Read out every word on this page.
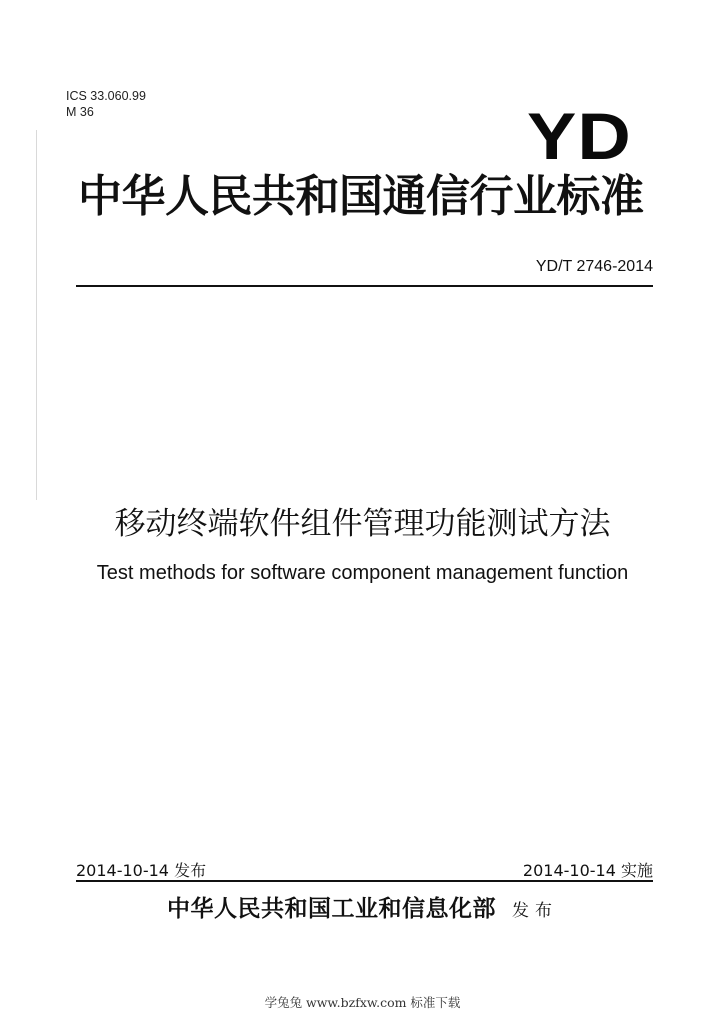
ICS 33.060.99
M 36	YD
中华人民共和国通信行业标准
YD/T 2746-2014
移动终端软件组件管理功能测试方法
Test methods for software component management function
2014-10-14 发布	2014-10-14 实施
中华人民共和国工业和信息化部 发布
学兔兔 www.bzfxw.com 标准下载
